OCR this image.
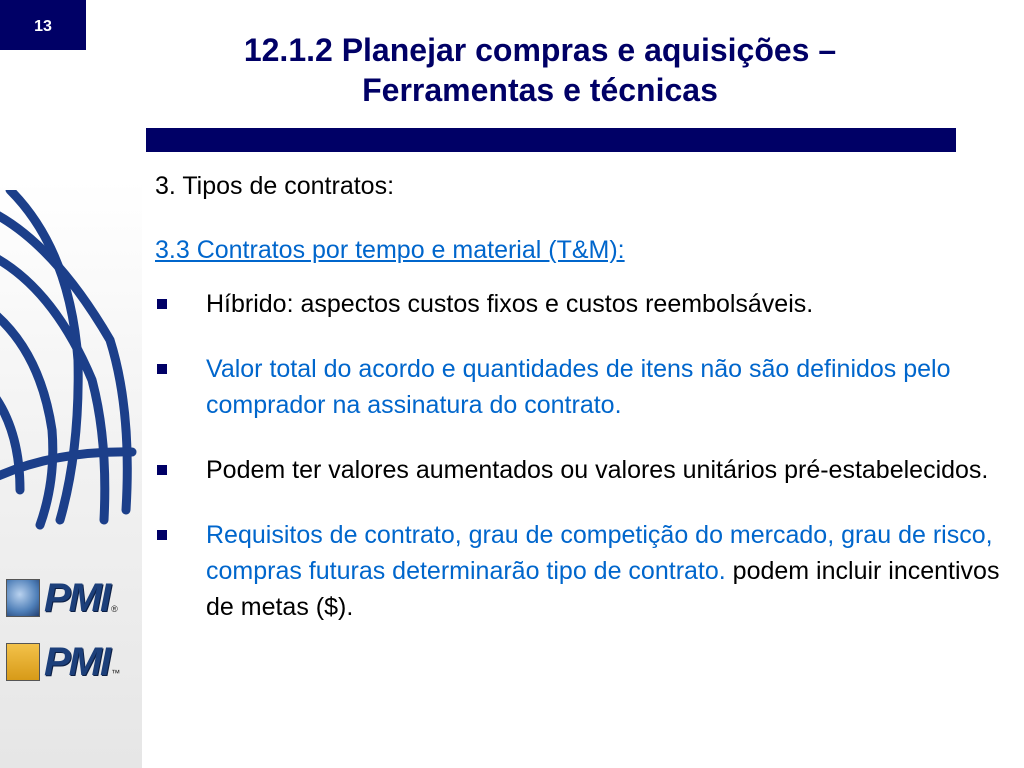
13
12.1.2 Planejar compras e aquisições –
Ferramentas e técnicas
PMI ®
PMI ™
3. Tipos de contratos:
3.3 Contratos por tempo e material (T&M):
Híbrido: aspectos custos fixos e custos reembolsáveis.
Valor total do acordo e quantidades de itens não são definidos pelo comprador na assinatura do contrato.
Podem ter valores aumentados ou valores unitários pré-estabelecidos.
Requisitos de contrato, grau de competição do mercado, grau de risco, compras futuras determinarão tipo de contrato. podem incluir incentivos de metas ($).
